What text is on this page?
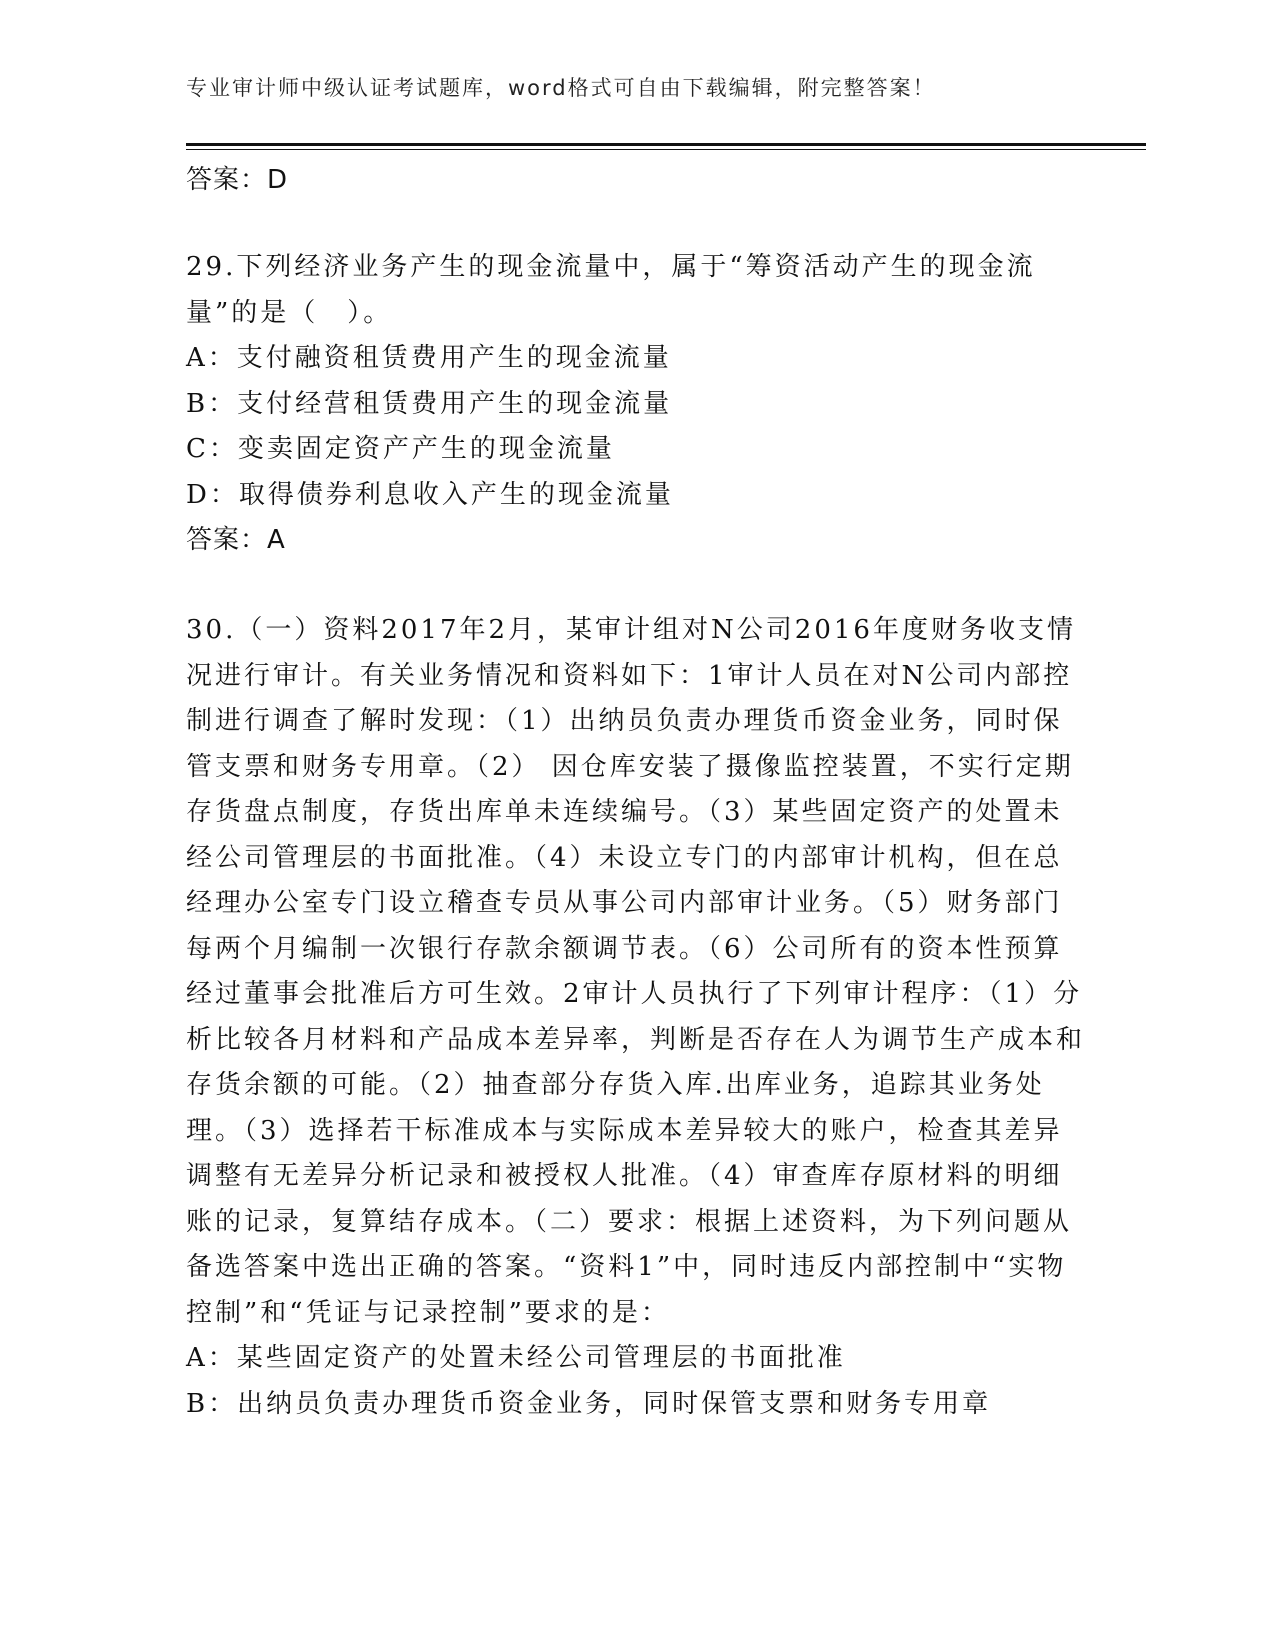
专业审计师中级认证考试题库，word格式可自由下载编辑，附完整答案！

答案：D

29.下列经济业务产生的现金流量中，属于“筹资活动产生的现金流量”的是（　）。

A：支付融资租赁费用产生的现金流量

B：支付经营租赁费用产生的现金流量

C：变卖固定资产产生的现金流量

D：取得债券利息收入产生的现金流量

答案：A

30.（一）资料2017年2月，某审计组对N公司2016年度财务收支情况进行审计。有关业务情况和资料如下：1审计人员在对N公司内部控制进行调查了解时发现：（1）出纳员负责办理货币资金业务，同时保管支票和财务专用章。（2） 因仓库安装了摄像监控装置，不实行定期存货盘点制度，存货出库单未连续编号。（3）某些固定资产的处置未经公司管理层的书面批准。（4）未设立专门的内部审计机构，但在总经理办公室专门设立稽查专员从事公司内部审计业务。（5）财务部门每两个月编制一次银行存款余额调节表。（6）公司所有的资本性预算经过董事会批准后方可生效。2审计人员执行了下列审计程序：（1）分析比较各月材料和产品成本差异率，判断是否存在人为调节生产成本和存货余额的可能。（2）抽查部分存货入库.出库业务，追踪其业务处理。（3）选择若干标准成本与实际成本差异较大的账户，检查其差异调整有无差异分析记录和被授权人批准。（4）审查库存原材料的明细账的记录，复算结存成本。（二）要求：根据上述资料，为下列问题从备选答案中选出正确的答案。“资料1”中，同时违反内部控制中“实物控制”和“凭证与记录控制”要求的是：

A：某些固定资产的处置未经公司管理层的书面批准

B：出纳员负责办理货币资金业务，同时保管支票和财务专用章
